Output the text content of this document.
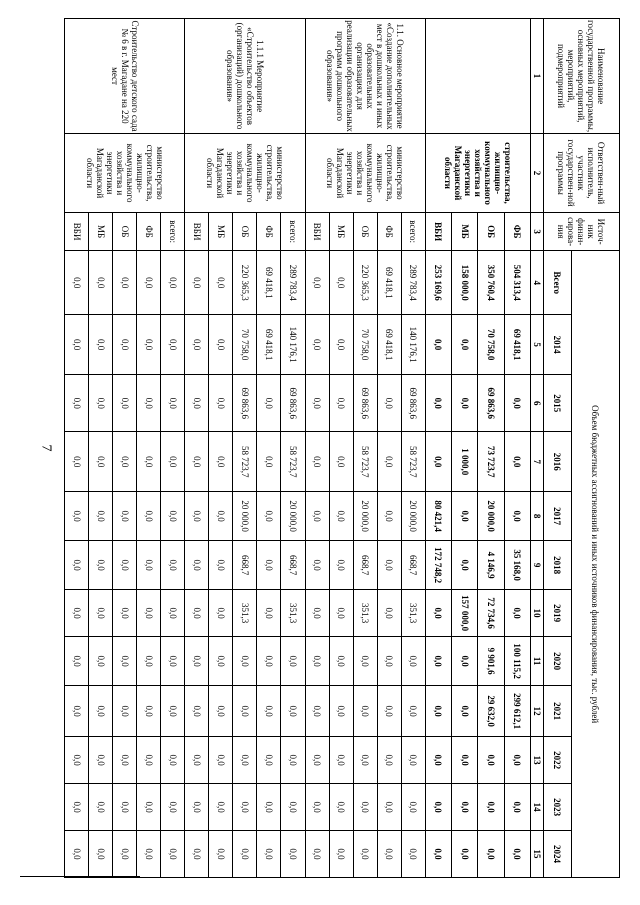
7
Наименование государственной программы, основных мероприятий, мероприятий, подмероприятий	Ответствен-ный исполнитель, участник государствен-ной программы	Источ-ник финан-сирова-ния	Объем бюджетных ассигнований и иных источников финансирования, тыс. рублей											
			Всего	2014	2015	2016	2017	2018	2019	2020	2021	2022	2023	2024
1	2	3	4	5	6	7	8	9	10	11	12	13	14	15
	строительства, жилищно-коммунального хозяйства и энергетики Магаданской области	ФБ	504 313,4	69 418,1	0,0	0,0	0,0	35 168,0	0,0	100 115,2	299 612,1	0,0	0,0	0,0
		ОБ	350 760,4	70 758,0	69 863,6	73 723,7	20 000,0	4 146,9	72 734,6	9 901,6	29 632,0	0,0	0,0	0,0
		МБ	158 000,0	0,0	0,0	1 000,0	0,0	0,0	157 000,0	0,0	0,0	0,0	0,0	0,0
		ВБИ	253 169,6	0,0	0,0	0,0	80 421,4	172 748,2	0,0	0,0	0,0	0,0	0,0	0,0
1.1. Основное мероприятие «Создание дополнительных мест в дошкольных и иных образовательных организациях для реализации образовательных программ дошкольного образования»	министерство строительства, жилищно-коммунального хозяйства и энергетики Магаданской области	всего:	289 783,4	140 176,1	69 863,6	58 723,7	20 000,0	668,7	351,3	0,0	0,0	0,0	0,0	0,0
		ФБ	69 418,1	69 418,1	0,0	0,0	0,0	0,0	0,0	0,0	0,0	0,0	0,0	0,0
		ОБ	220 365,3	70 758,0	69 863,6	58 723,7	20 000,0	668,7	351,3	0,0	0,0	0,0	0,0	0,0
		МБ	0,0	0,0	0,0	0,0	0,0	0,0	0,0	0,0	0,0	0,0	0,0	0,0
		ВБИ	0,0	0,0	0,0	0,0	0,0	0,0	0,0	0,0	0,0	0,0	0,0	0,0
1.1.1 Мероприятие «Строительство объектов (организаций) дошкольного образования»	министерство строительства, жилищно-коммунального хозяйства и энергетики Магаданской области	всего:	289 783,4	140 176,1	69 863,6	58 723,7	20 000,0	668,7	351,3	0,0	0,0	0,0	0,0	0,0
		ФБ	69 418,1	69 418,1	0,0	0,0	0,0	0,0	0,0	0,0	0,0	0,0	0,0	0,0
		ОБ	220 365,3	70 758,0	69 863,6	58 723,7	20 000,0	668,7	351,3	0,0	0,0	0,0	0,0	0,0
		МБ	0,0	0,0	0,0	0,0	0,0	0,0	0,0	0,0	0,0	0,0	0,0	0,0
		ВБИ	0,0	0,0	0,0	0,0	0,0	0,0	0,0	0,0	0,0	0,0	0,0	0,0
Строительство детского сада № 6 в г. Магадане на 220 мест	министерство строительства, жилищно-коммунального хозяйства и энергетики Магаданской области	всего:	0,0	0,0	0,0	0,0	0,0	0,0	0,0	0,0	0,0	0,0	0,0	0,0
		ФБ	0,0	0,0	0,0	0,0	0,0	0,0	0,0	0,0	0,0	0,0	0,0	0,0
		ОБ	0,0	0,0	0,0	0,0	0,0	0,0	0,0	0,0	0,0	0,0	0,0	0,0
		МБ	0,0	0,0	0,0	0,0	0,0	0,0	0,0	0,0	0,0	0,0	0,0	0,0
		ВБИ	0,0	0,0	0,0	0,0	0,0	0,0	0,0	0,0	0,0	0,0	0,0	0,0
